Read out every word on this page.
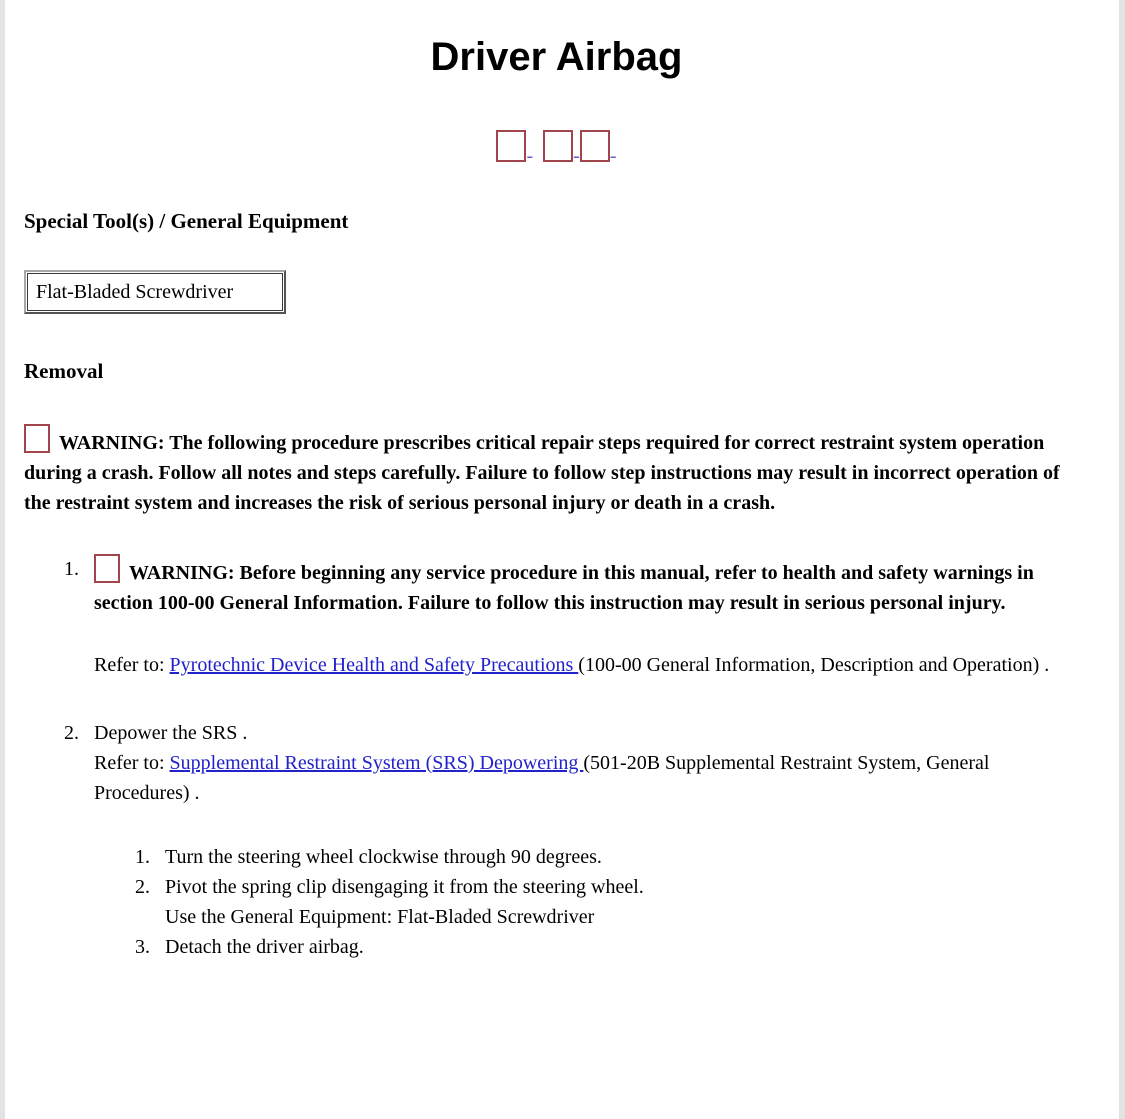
Driver Airbag
- - -
Special Tool(s) / General Equipment
Flat-Bladed Screwdriver
Removal

WARNING: The following procedure prescribes critical repair steps required for correct restraint system operation during a crash. Follow all notes and steps carefully. Failure to follow step instructions may result in incorrect operation of the restraint system and increases the risk of serious personal injury or death in a crash.

1.	WARNING: Before beginning any service procedure in this manual, refer to health and safety warnings in section 100-00 General Information. Failure to follow this instruction may result in serious personal injury.
Refer to: Pyrotechnic Device Health and Safety Precautions (100-00 General Information, Description and Operation) .
2. Depower the SRS .
Refer to: Supplemental Restraint System (SRS) Depowering (501-20B Supplemental Restraint System, General Procedures) .
1. Turn the steering wheel clockwise through 90 degrees.
2. Pivot the spring clip disengaging it from the steering wheel.
Use the General Equipment: Flat-Bladed Screwdriver
3. Detach the driver airbag.
